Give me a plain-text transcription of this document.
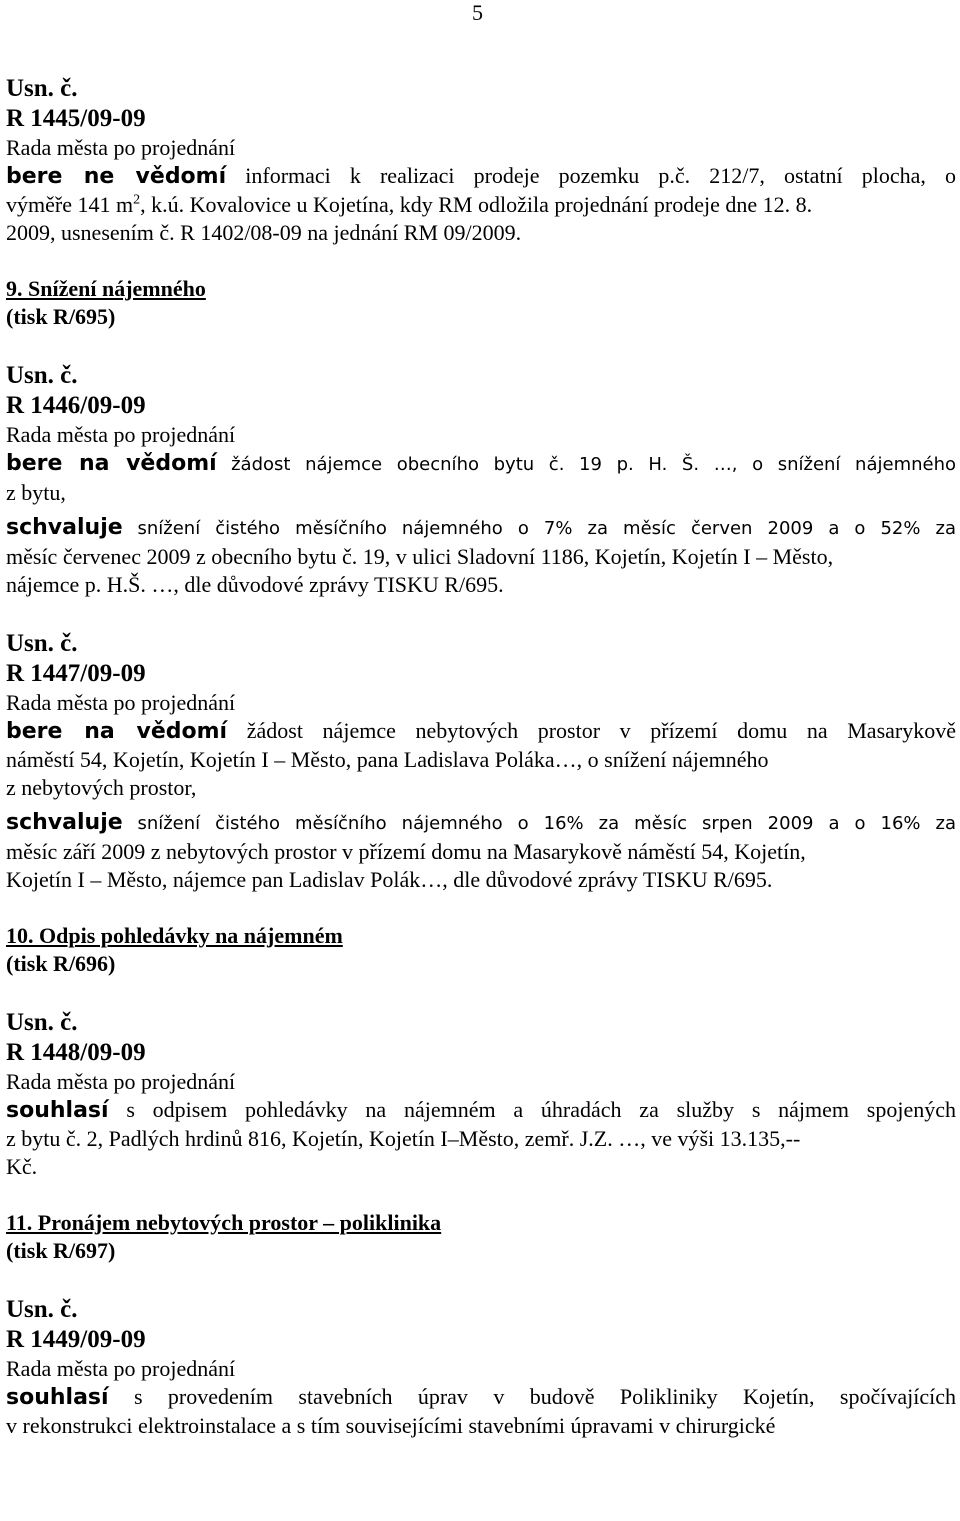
5
Usn. č.
R 1445/09-09
Rada města po projednání
bere ne vědomí informaci k realizaci prodeje pozemku p.č. 212/7, ostatní plocha, o
výměře 141 $m^2$, k.ú. Kovalovice u Kojetína, kdy RM odložila projednání prodeje dne 12. 8.
2009, usnesením č. R 1402/08-09 na jednání RM 09/2009.
9. Snížení nájemného
(tisk R/695)
Usn. č.
R 1446/09-09
Rada města po projednání
bere na vědomí žádost nájemce obecního bytu č. 19 p. H. Š. …, o snížení nájemného
z bytu,
schvaluje snížení čistého měsíčního nájemného o 7% za měsíc červen 2009 a o 52% za
měsíc červenec 2009 z obecního bytu č. 19, v ulici Sladovní 1186, Kojetín, Kojetín I – Město,
nájemce p. H.Š. …, dle důvodové zprávy TISKU R/695.
Usn. č.
R 1447/09-09
Rada města po projednání
bere na vědomí žádost nájemce nebytových prostor v přízemí domu na Masarykově
náměstí 54, Kojetín, Kojetín I – Město, pana Ladislava Poláka…, o snížení nájemného
z nebytových prostor,
schvaluje snížení čistého měsíčního nájemného o 16% za měsíc srpen 2009 a o 16% za
měsíc září 2009 z nebytových prostor v přízemí domu na Masarykově náměstí 54, Kojetín,
Kojetín I – Město, nájemce pan Ladislav Polák…, dle důvodové zprávy TISKU R/695.
10. Odpis pohledávky na nájemném
(tisk R/696)
Usn. č.
R 1448/09-09
Rada města po projednání
souhlasí s odpisem pohledávky na nájemném a úhradách za služby s nájmem spojených
z bytu č. 2, Padlých hrdinů 816, Kojetín, Kojetín I–Město, zemř. J.Z. …, ve výši 13.135,--
Kč.
11. Pronájem nebytových prostor – poliklinika
(tisk R/697)
Usn. č.
R 1449/09-09
Rada města po projednání
souhlasí s provedením stavebních úprav v budově Polikliniky Kojetín, spočívajících
v rekonstrukci elektroinstalace a s tím souvisejícími stavebními úpravami v chirurgické
